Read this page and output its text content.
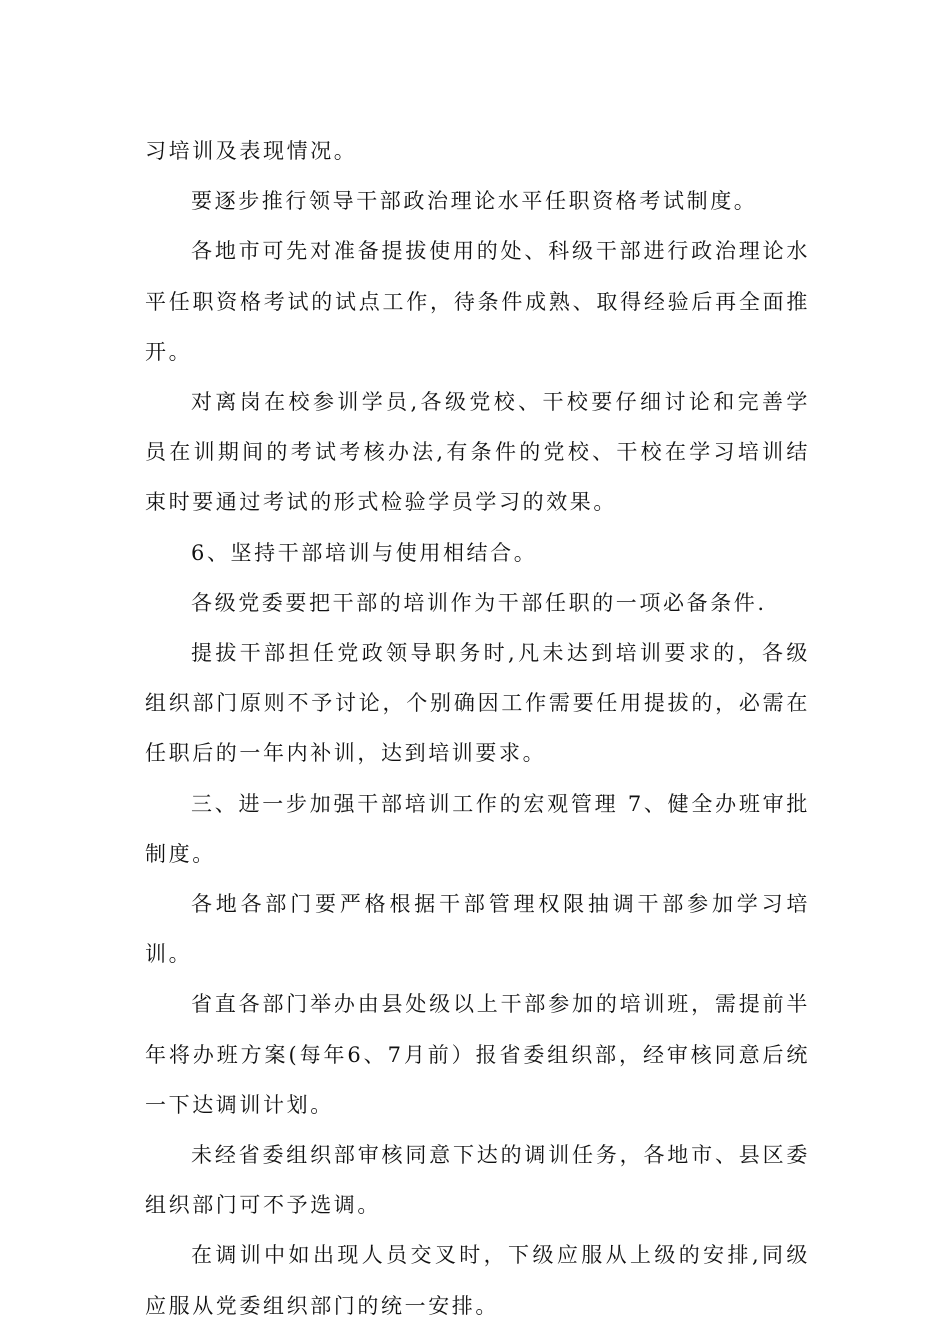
习培训及表现情况。

要逐步推行领导干部政治理论水平任职资格考试制度。

各地市可先对准备提拔使用的处、科级干部进行政治理论水平任职资格考试的试点工作，待条件成熟、取得经验后再全面推开。

对离岗在校参训学员,各级党校、干校要仔细讨论和完善学员在训期间的考试考核办法,有条件的党校、干校在学习培训结束时要通过考试的形式检验学员学习的效果。

6、坚持干部培训与使用相结合。

各级党委要把干部的培训作为干部任职的一项必备条件.

提拔干部担任党政领导职务时,凡未达到培训要求的，各级组织部门原则不予讨论，个别确因工作需要任用提拔的，必需在任职后的一年内补训，达到培训要求。

三、进一步加强干部培训工作的宏观管理 7、健全办班审批制度。

各地各部门要严格根据干部管理权限抽调干部参加学习培训。

省直各部门举办由县处级以上干部参加的培训班，需提前半年将办班方案(每年6、7月前）报省委组织部，经审核同意后统一下达调训计划。

未经省委组织部审核同意下达的调训任务，各地市、县区委组织部门可不予选调。

在调训中如出现人员交叉时，下级应服从上级的安排,同级应服从党委组织部门的统一安排。
